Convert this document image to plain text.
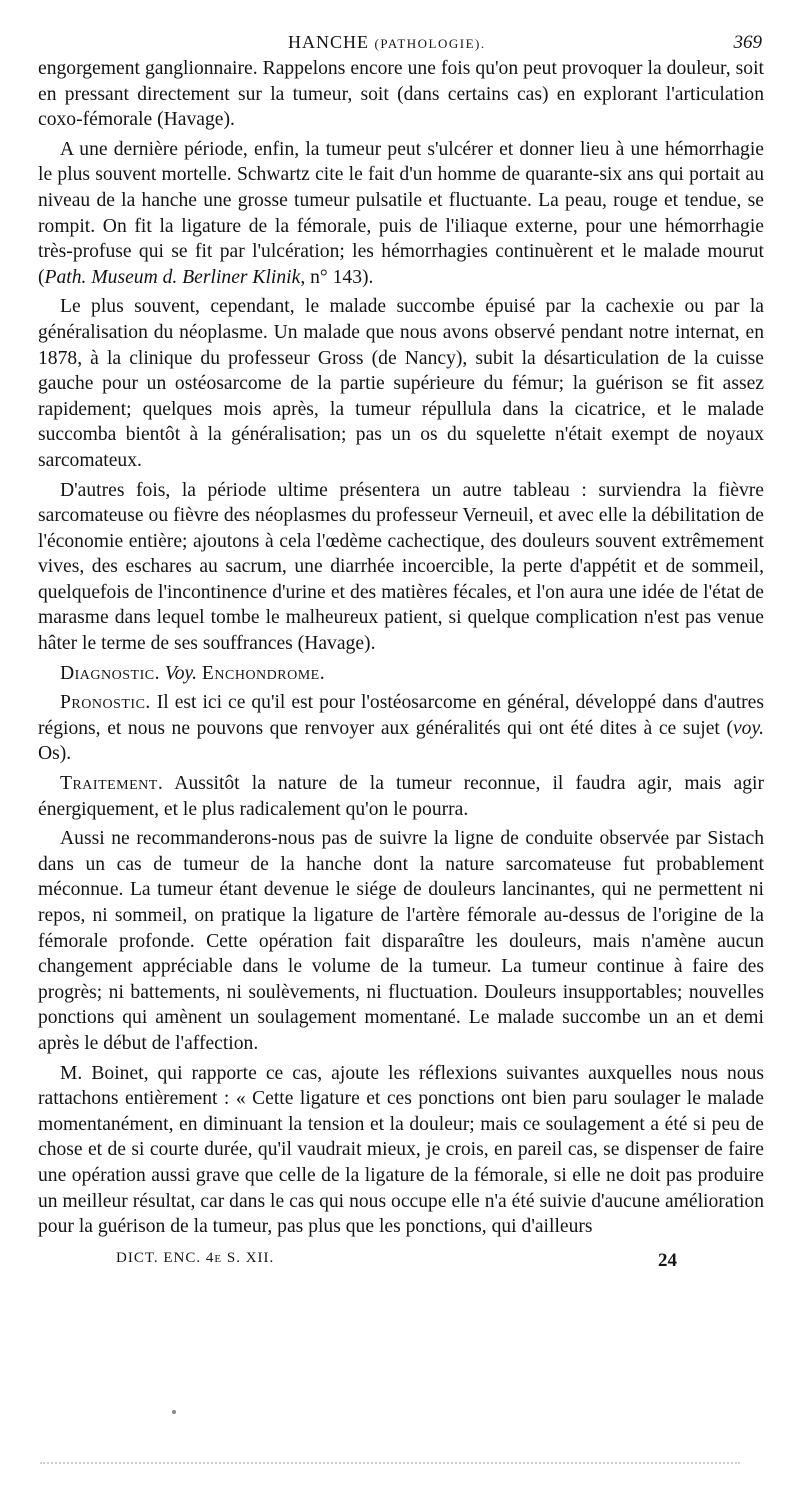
HANCHE (PATHOLOGIE).	369

engorgement ganglionnaire. Rappelons encore une fois qu'on peut provoquer la douleur, soit en pressant directement sur la tumeur, soit (dans certains cas) en explorant l'articulation coxo-fémorale (Havage).

A une dernière période, enfin, la tumeur peut s'ulcérer et donner lieu à une hémorrhagie le plus souvent mortelle. Schwartz cite le fait d'un homme de quarante-six ans qui portait au niveau de la hanche une grosse tumeur pulsatile et fluctuante. La peau, rouge et tendue, se rompit. On fit la ligature de la fémorale, puis de l'iliaque externe, pour une hémorrhagie très-profuse qui se fit par l'ulcération; les hémorrhagies continuèrent et le malade mourut (Path. Museum d. Berliner Klinik, n° 143).

Le plus souvent, cependant, le malade succombe épuisé par la cachexie ou par la généralisation du néoplasme. Un malade que nous avons observé pendant notre internat, en 1878, à la clinique du professeur Gross (de Nancy), subit la désarticulation de la cuisse gauche pour un ostéosarcome de la partie supérieure du fémur; la guérison se fit assez rapidement; quelques mois après, la tumeur répullula dans la cicatrice, et le malade succomba bientôt à la généralisation; pas un os du squelette n'était exempt de noyaux sarcomateux.

D'autres fois, la période ultime présentera un autre tableau : surviendra la fièvre sarcomateuse ou fièvre des néoplasmes du professeur Verneuil, et avec elle la débilitation de l'économie entière; ajoutons à cela l'œdème cachectique, des douleurs souvent extrêmement vives, des eschares au sacrum, une diarrhée incoercible, la perte d'appétit et de sommeil, quelquefois de l'incontinence d'urine et des matières fécales, et l'on aura une idée de l'état de marasme dans lequel tombe le malheureux patient, si quelque complication n'est pas venue hâter le terme de ses souffrances (Havage).

Diagnostic. Voy. Enchondrome.

Pronostic. Il est ici ce qu'il est pour l'ostéosarcome en général, développé dans d'autres régions, et nous ne pouvons que renvoyer aux généralités qui ont été dites à ce sujet (voy. Os).

Traitement. Aussitôt la nature de la tumeur reconnue, il faudra agir, mais agir énergiquement, et le plus radicalement qu'on le pourra.

Aussi ne recommanderons-nous pas de suivre la ligne de conduite observée par Sistach dans un cas de tumeur de la hanche dont la nature sarcomateuse fut probablement méconnue. La tumeur étant devenue le siége de douleurs lancinantes, qui ne permettent ni repos, ni sommeil, on pratique la ligature de l'artère fémorale au-dessus de l'origine de la fémorale profonde. Cette opération fait disparaître les douleurs, mais n'amène aucun changement appréciable dans le volume de la tumeur. La tumeur continue à faire des progrès; ni battements, ni soulèvements, ni fluctuation. Douleurs insupportables; nouvelles ponctions qui amènent un soulagement momentané. Le malade succombe un an et demi après le début de l'affection.

M. Boinet, qui rapporte ce cas, ajoute les réflexions suivantes auxquelles nous nous rattachons entièrement : « Cette ligature et ces ponctions ont bien paru soulager le malade momentanément, en diminuant la tension et la douleur; mais ce soulagement a été si peu de chose et de si courte durée, qu'il vaudrait mieux, je crois, en pareil cas, se dispenser de faire une opération aussi grave que celle de la ligature de la fémorale, si elle ne doit pas produire un meilleur résultat, car dans le cas qui nous occupe elle n'a été suivie d'aucune amélioration pour la guérison de la tumeur, pas plus que les ponctions, qui d'ailleurs

DICT. ENC. 4e S. XII.	24
